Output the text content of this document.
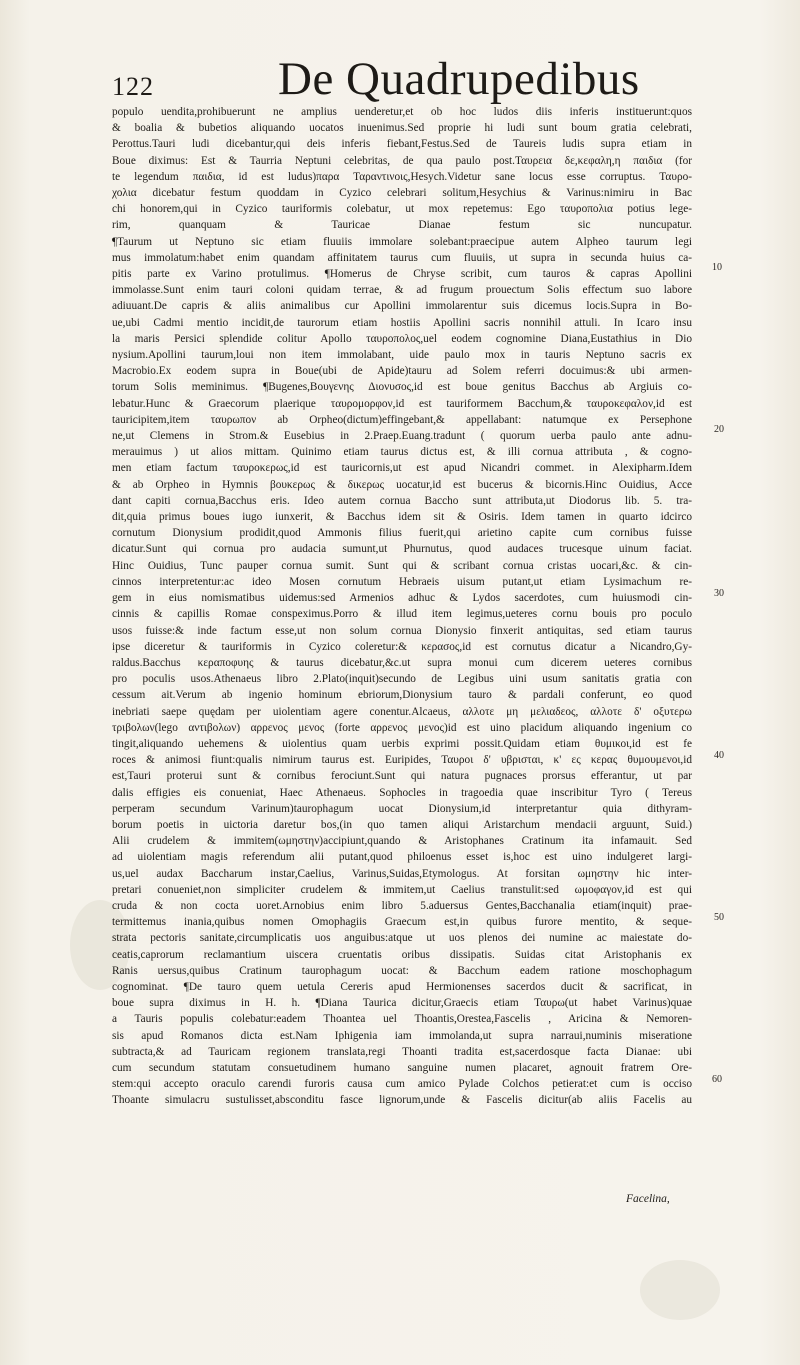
122	De Quadrupedibus
populo uendita,prohibuerunt ne amplius uenderetur,et ob hoc ludos diis inferis instituerunt:quos
& boalia & bubetios aliquando uocatos inuenimus.Sed proprie hi ludi sunt boum gratia celebrati,
Perottus.Tauri ludi dicebantur,qui deis inferis fiebant,Festus.Sed de Taureis ludis supra etiam in
Boue diximus: Est & Taurria Neptuni celebritas, de qua paulo post.Ταυρεια δε,κεφαλη,η παιδια (for
te legendum παιδια, id est ludus)παρα Ταραντινοις,Hesych.Videtur sane locus esse corruptus. Ταυρο-
χολια dicebatur festum quoddam in Cyzico celebrari solitum,Hesychius & Varinus:nimiru in Bac
chi honorem,qui in Cyzico tauriformis colebatur, ut mox repetemus: Ego ταυροπολια potius lege-
rim, quanquam & Tauricae Dianae festum sic nuncupatur.
¶Taurum ut Neptuno sic etiam fluuiis immolare solebant:praecipue autem Alpheo taurum legi
mus immolatum:habet enim quandam affinitatem taurus cum fluuiis, ut supra in secunda huius ca-
pitis parte ex Varino protulimus. ¶Homerus de Chryse scribit, cum tauros & capras Apollini
immolasse.Sunt enim tauri coloni quidam terrae, & ad frugum prouectum Solis effectum suo labore
adiuuant.De capris & aliis animalibus cur Apollini immolarentur suis dicemus locis.Supra in Bo-
ue,ubi Cadmi mentio incidit,de taurorum etiam hostiis Apollini sacris nonnihil attuli. In Icaro insu
la maris Persici splendide colitur Apollo ταυροπολος,uel eodem cognomine Diana,Eustathius in Dio
nysium.Apollini taurum,loui non item immolabant, uide paulo mox in tauris Neptuno sacris ex
Macrobio.Ex eodem supra in Boue(ubi de Apide)tauru ad Solem referri docuimus:& ubi armen-
torum Solis meminimus. ¶Bugenes,Βουγενης Διονυσος,id est boue genitus Bacchus ab Argiuis co-
lebatur.Hunc & Graecorum plaerique ταυρομορφον,id est tauriformem Bacchum,& ταυροκεφαλον,id est
tauricipitem,item ταυρωπον ab Orpheo(dictum)effingebant,& appellabant: natumque ex Persephone
ne,ut Clemens in Strom.& Eusebius in 2.Praep.Euang.tradunt ( quorum uerba paulo ante adnu-
merauimus ) ut alios mittam. Quinimo etiam taurus dictus est, & illi cornua attributa , & cogno-
men etiam factum ταυροκερως,id est tauricornis,ut est apud Nicandri commet. in Alexipharm.Idem
& ab Orpheo in Hymnis βουκερως & δικερως uocatur,id est bucerus & bicornis.Hinc Ouidius, Acce
dant capiti cornua,Bacchus eris. Ideo autem cornua Baccho sunt attributa,ut Diodorus lib. 5. tra-
dit,quia primus boues iugo iunxerit, & Bacchus idem sit & Osiris. Idem tamen in quarto idcirco
cornutum Dionysium prodidit,quod Ammonis filius fuerit,qui arietino capite cum cornibus fuisse
dicatur.Sunt qui cornua pro audacia sumunt,ut Phurnutus, quod audaces trucesque uinum faciat.
Hinc Ouidius, Tunc pauper cornua sumit. Sunt qui & scribant cornua cristas uocari,&c. & cin-
cinnos interpretentur:ac ideo Mosen cornutum Hebraeis uisum putant,ut etiam Lysimachum re-
gem in eius nomismatibus uidemus:sed Armenios adhuc & Lydos sacerdotes, cum huiusmodi cin-
cinnis & capillis Romae conspeximus.Porro & illud item legimus,ueteres cornu bouis pro poculo
usos fuisse:& inde factum esse,ut non solum cornua Dionysio finxerit antiquitas, sed etiam taurus
ipse diceretur & tauriformis in Cyzico coleretur:& κερασος,id est cornutus dicatur a Nicandro,Gy-
raldus.Bacchus κεραποφυης & taurus dicebatur,&c.ut supra monui cum dicerem ueteres cornibus
pro poculis usos.Athenaeus libro 2.Plato(inquit)secundo de Legibus uini usum sanitatis gratia con
cessum ait.Verum ab ingenio hominum ebriorum,Dionysium tauro & pardali conferunt, eo quod
inebriati saepe quędam per uiolentiam agere conentur.Alcaeus, αλλοτε μη μελιαδεος, αλλοτε δ' οξυτερω
τριβολων(lego αντιβολων) αρρενος μενος (forte αρρενος μενος)id est uino placidum aliquando ingenium co
tingit,aliquando uehemens & uiolentius quam uerbis exprimi possit.Quidam etiam θυμικοι,id est fe
roces & animosi fiunt:qualis nimirum taurus est. Euripides, Ταυροι δ' υβρισται, κ' ες κερας θυμουμενοι,id
est,Tauri proterui sunt & cornibus ferociunt.Sunt qui natura pugnaces prorsus efferantur, ut par
dalis effigies eis conueniat, Haec Athenaeus. Sophocles in tragoedia quae inscribitur Tyro ( Tereus
perperam secundum Varinum)taurophagum uocat Dionysium,id interpretantur quia dithyram-
borum poetis in uictoria daretur bos,(in quo tamen aliqui Aristarchum mendacii arguunt, Suid.)
Alii crudelem & immitem(ωμηστην)accipiunt,quando & Aristophanes Cratinum ita infamauit. Sed
ad uiolentiam magis referendum alii putant,quod philoenus esset is,hoc est uino indulgeret largi-
us,uel audax Baccharum instar,Caelius, Varinus,Suidas,Etymologus. At forsitan ωμηστην hic inter-
pretari conueniet,non simpliciter crudelem & immitem,ut Caelius transtulit:sed ωμοφαγον,id est qui
cruda & non cocta uoret.Arnobius enim libro 5.aduersus Gentes,Bacchanalia etiam(inquit) prae-
termittemus inania,quibus nomen Omophagiis Graecum est,in quibus furore mentito, & seque-
strata pectoris sanitate,circumplicatis uos anguibus:atque ut uos plenos dei numine ac maiestate do-
ceatis,caprorum reclamantium uiscera cruentatis oribus dissipatis. Suidas citat Aristophanis ex
Ranis uersus,quibus Cratinum taurophagum uocat: & Bacchum eadem ratione moschophagum
cognominat. ¶De tauro quem uetula Cereris apud Hermionenses sacerdos ducit & sacrificat, in
boue supra diximus in H. h. ¶Diana Taurica dicitur,Graecis etiam Ταυρω(ut habet Varinus)quae
a Tauris populis colebatur:eadem Thoantea uel Thoantis,Orestea,Fascelis , Aricina & Nemoren-
sis apud Romanos dicta est.Nam Iphigenia iam immolanda,ut supra narraui,numinis miseratione
subtracta,& ad Tauricam regionem translata,regi Thoanti tradita est,sacerdosque facta Dianae: ubi
cum secundum statutam consuetudinem humano sanguine numen placaret, agnouit fratrem Ore-
stem:qui accepto oraculo carendi furoris causa cum amico Pylade Colchos petierat:et cum is occiso
Thoante simulacru sustulisset,absconditu fasce lignorum,unde & Fascelis dicitur(ab aliis Facelis au
10
20
30
40
50
60
Facelina,
